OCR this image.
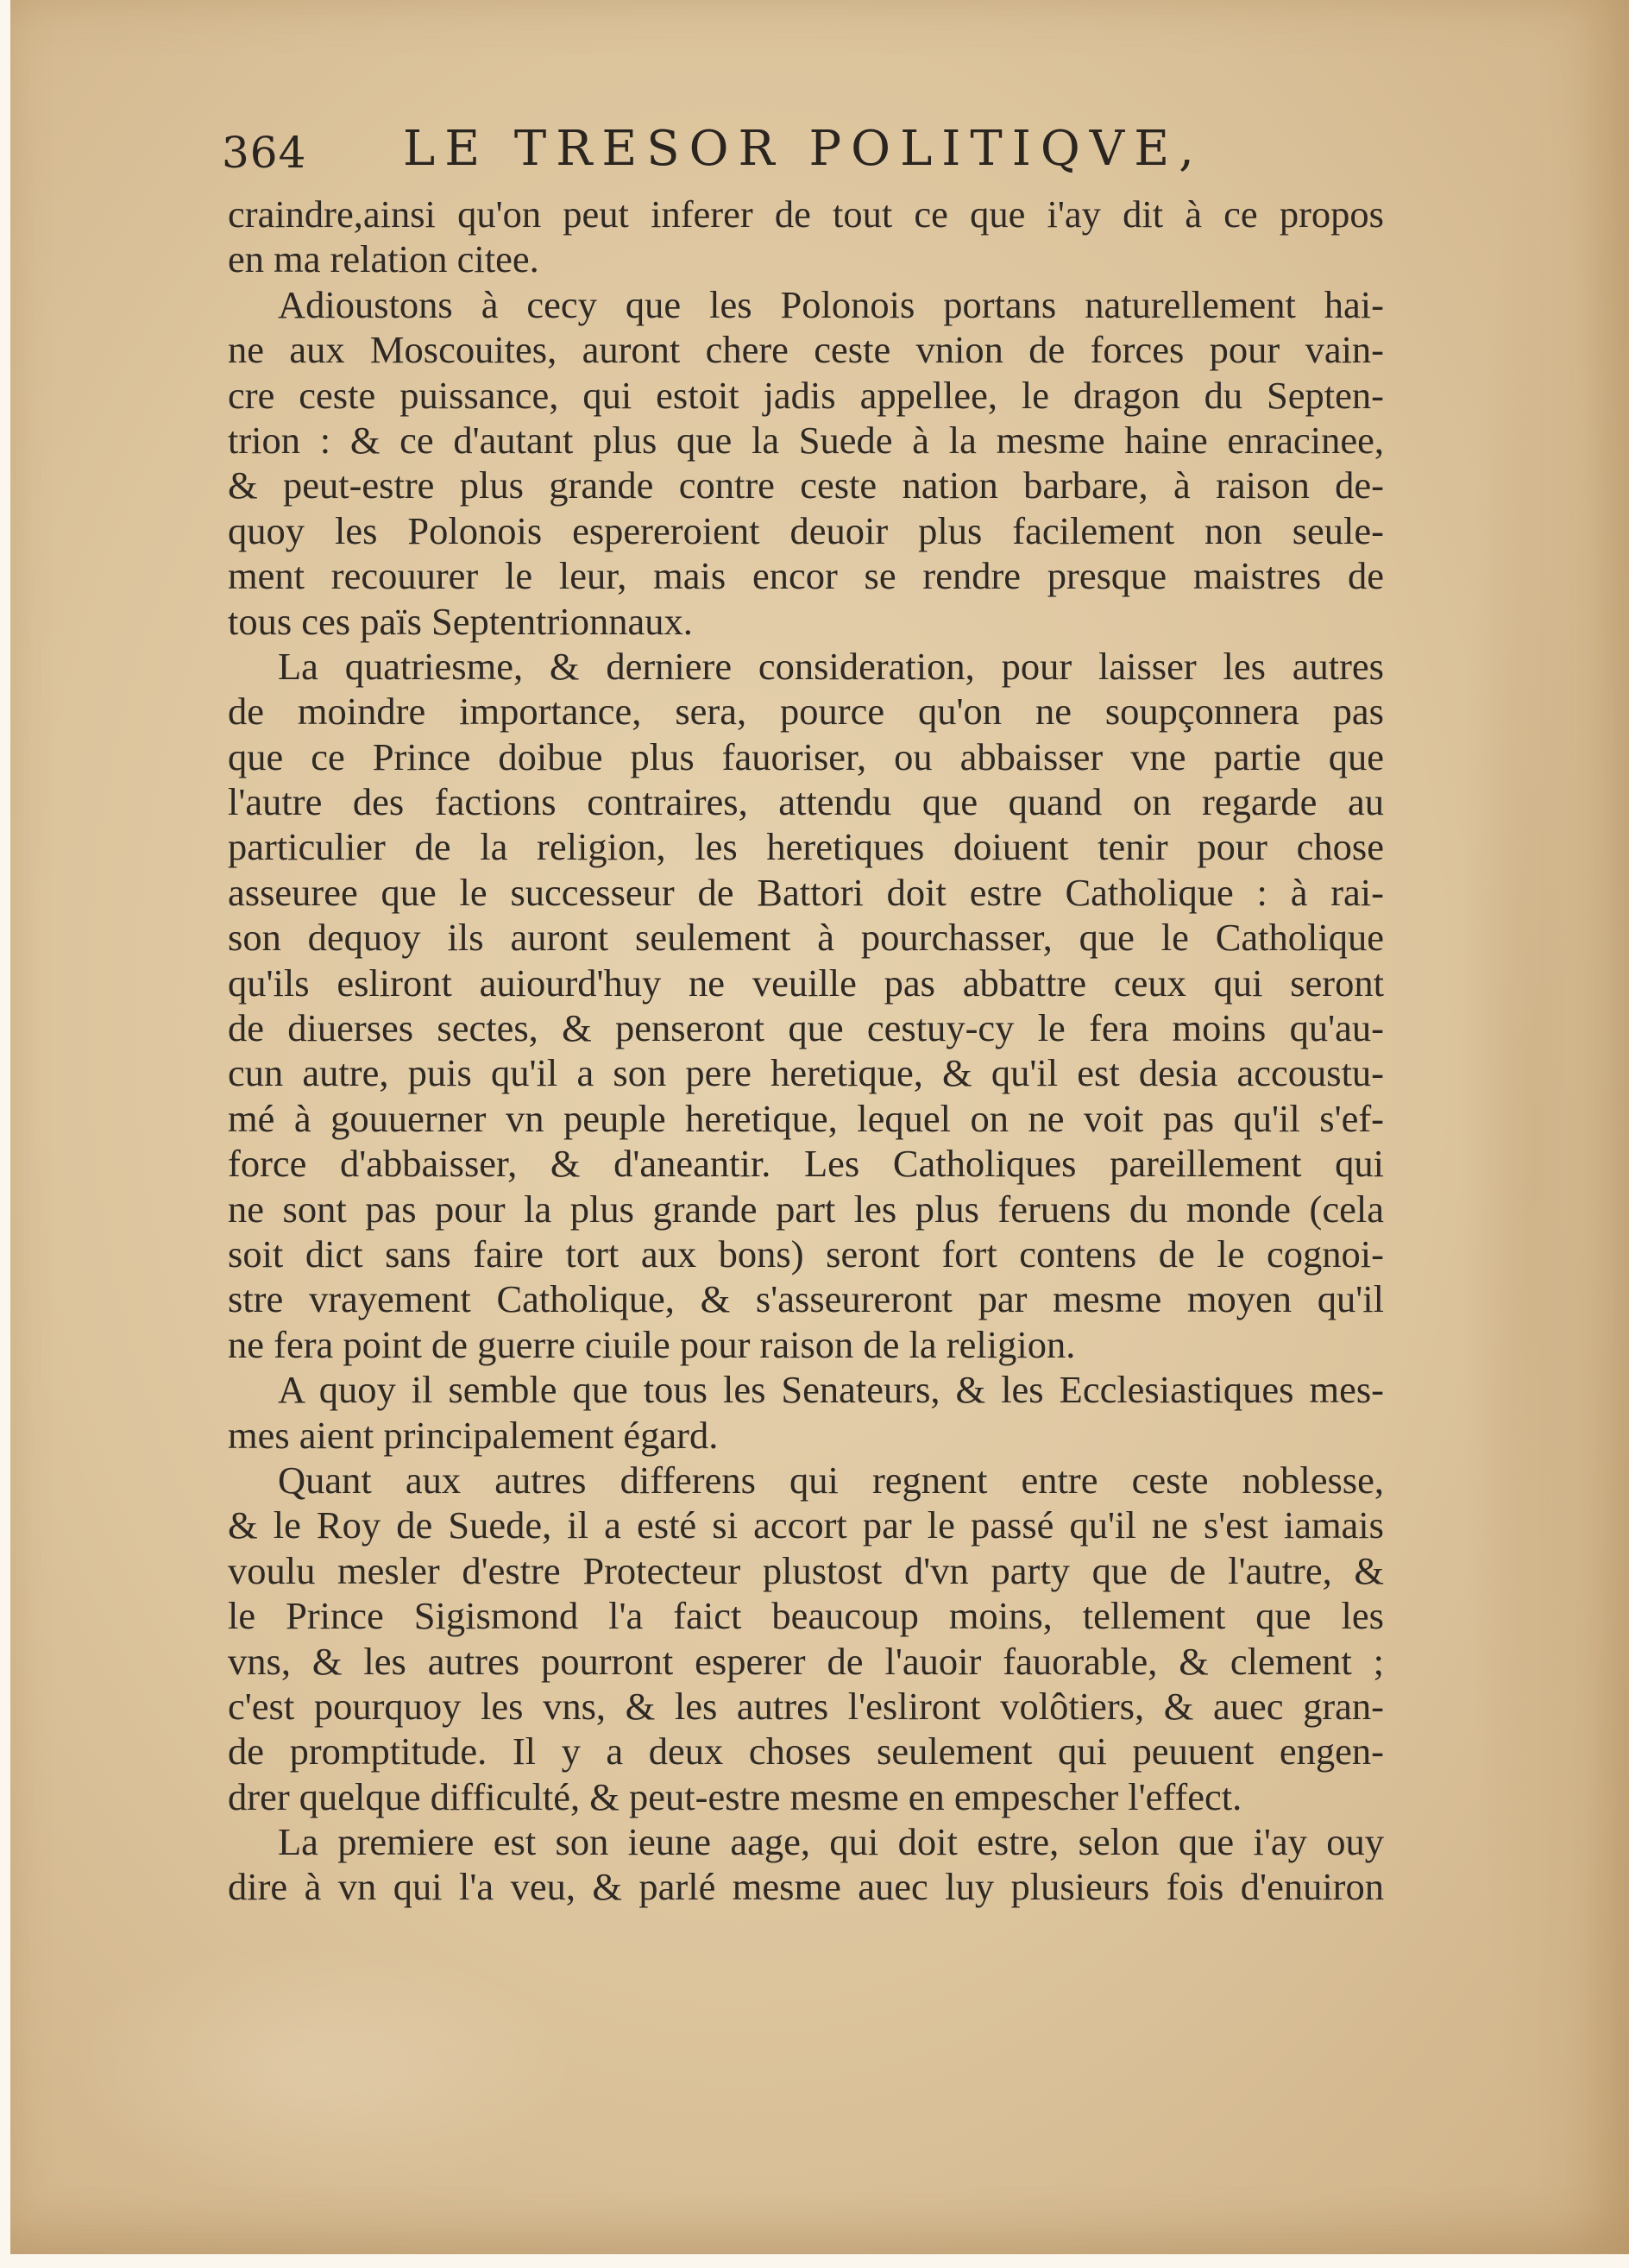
364 LE TRESOR POLITIQVE,
craindre,ainsi qu'on peut inferer de tout ce que i'ay dit à ce propos
en ma relation citee.
Adioustons à cecy que les Polonois portans naturellement hai-
ne aux Moscouites, auront chere ceste vnion de forces pour vain-
cre ceste puissance, qui estoit jadis appellee, le dragon du Septen-
trion : & ce d'autant plus que la Suede à la mesme haine enracinee,
& peut-estre plus grande contre ceste nation barbare, à raison de-
quoy les Polonois espereroient deuoir plus facilement non seule-
ment recouurer le leur, mais encor se rendre presque maistres de
tous ces païs Septentrionnaux.
La quatriesme, & derniere consideration, pour laisser les autres
de moindre importance, sera, pource qu'on ne soupçonnera pas
que ce Prince doibue plus fauoriser, ou abbaisser vne partie que
l'autre des factions contraires, attendu que quand on regarde au
particulier de la religion, les heretiques doiuent tenir pour chose
asseuree que le successeur de Battori doit estre Catholique : à rai-
son dequoy ils auront seulement à pourchasser, que le Catholique
qu'ils esliront auiourd'huy ne veuille pas abbattre ceux qui seront
de diuerses sectes, & penseront que cestuy-cy le fera moins qu'au-
cun autre, puis qu'il a son pere heretique, & qu'il est desia accoustu-
mé à gouuerner vn peuple heretique, lequel on ne voit pas qu'il s'ef-
force d'abbaisser, & d'aneantir. Les Catholiques pareillement qui
ne sont pas pour la plus grande part les plus feruens du monde (cela
soit dict sans faire tort aux bons) seront fort contens de le cognoi-
stre vrayement Catholique, & s'asseureront par mesme moyen qu'il
ne fera point de guerre ciuile pour raison de la religion.
A quoy il semble que tous les Senateurs, & les Ecclesiastiques mes-
mes aient principalement égard.
Quant aux autres differens qui regnent entre ceste noblesse,
& le Roy de Suede, il a esté si accort par le passé qu'il ne s'est iamais
voulu mesler d'estre Protecteur plustost d'vn party que de l'autre, &
le Prince Sigismond l'a faict beaucoup moins, tellement que les
vns, & les autres pourront esperer de l'auoir fauorable, & clement ;
c'est pourquoy les vns, & les autres l'esliront volôtiers, & auec gran-
de promptitude. Il y a deux choses seulement qui peuuent engen-
drer quelque difficulté, & peut-estre mesme en empescher l'effect.
La premiere est son ieune aage, qui doit estre, selon que i'ay ouy
dire à vn qui l'a veu, & parlé mesme auec luy plusieurs fois d'enuiron
